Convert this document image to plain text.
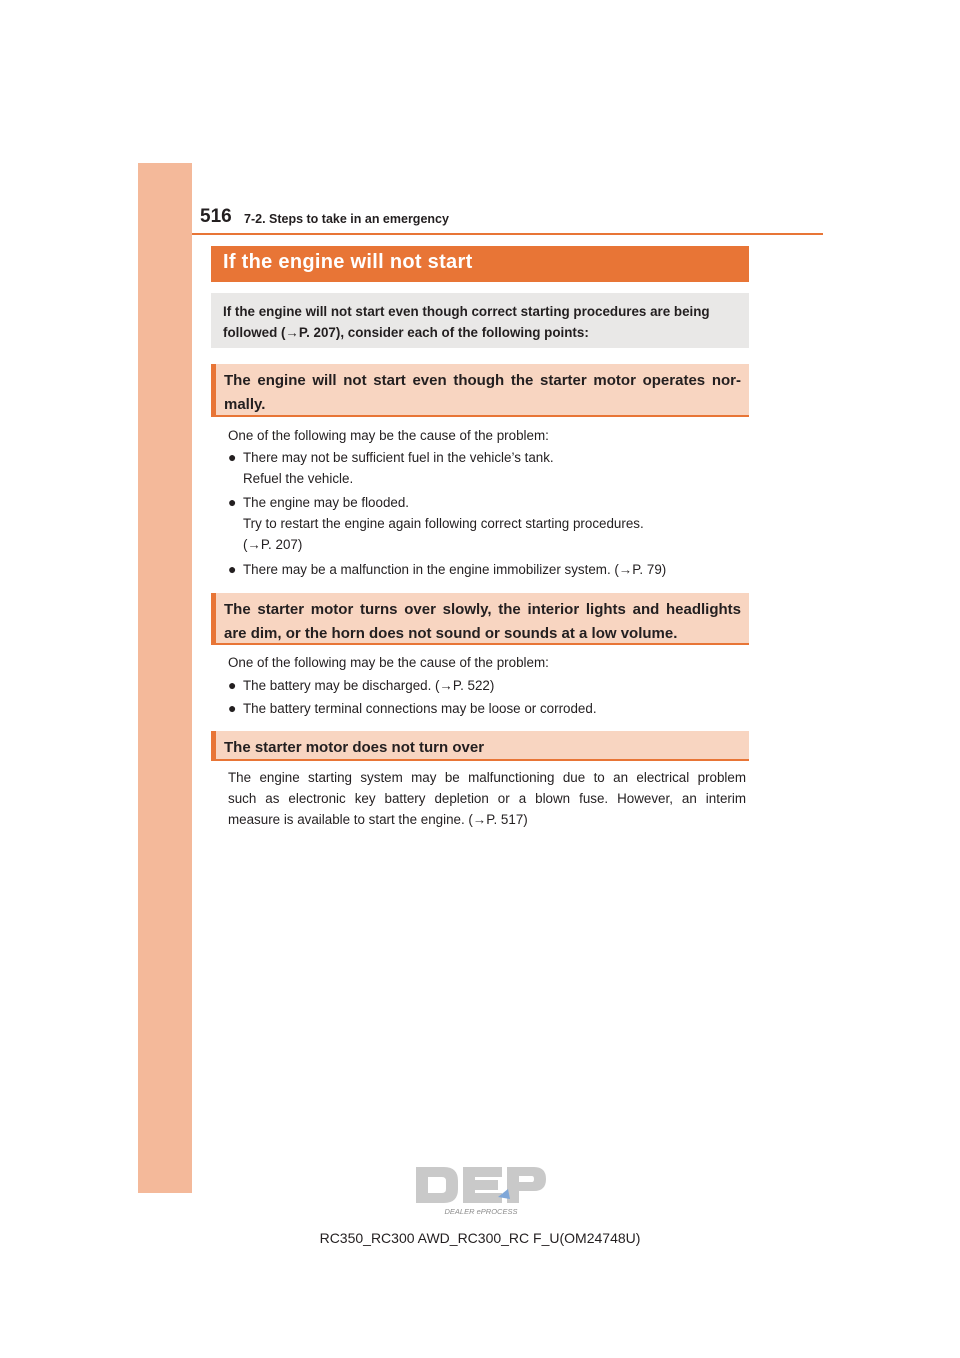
516 7-2. Steps to take in an emergency
If the engine will not start
If the engine will not start even though correct starting procedures are being
followed (→P. 207), consider each of the following points:
The engine will not start even though the starter motor operates nor-
mally.
One of the following may be the cause of the problem:
● There may not be sufficient fuel in the vehicle’s tank.
Refuel the vehicle.
● The engine may be flooded.
Try to restart the engine again following correct starting procedures.
(→P. 207)
● There may be a malfunction in the engine immobilizer system. (→P. 79)
The starter motor turns over slowly, the interior lights and headlights
are dim, or the horn does not sound or sounds at a low volume.
One of the following may be the cause of the problem:
● The battery may be discharged. (→P. 522)
● The battery terminal connections may be loose or corroded.
The starter motor does not turn over
The engine starting system may be malfunctioning due to an electrical problem
such as electronic key battery depletion or a blown fuse. However, an interim
measure is available to start the engine. (→P. 517)
DEALER ePROCESS
RC350_RC300 AWD_RC300_RC F_U(OM24748U)
